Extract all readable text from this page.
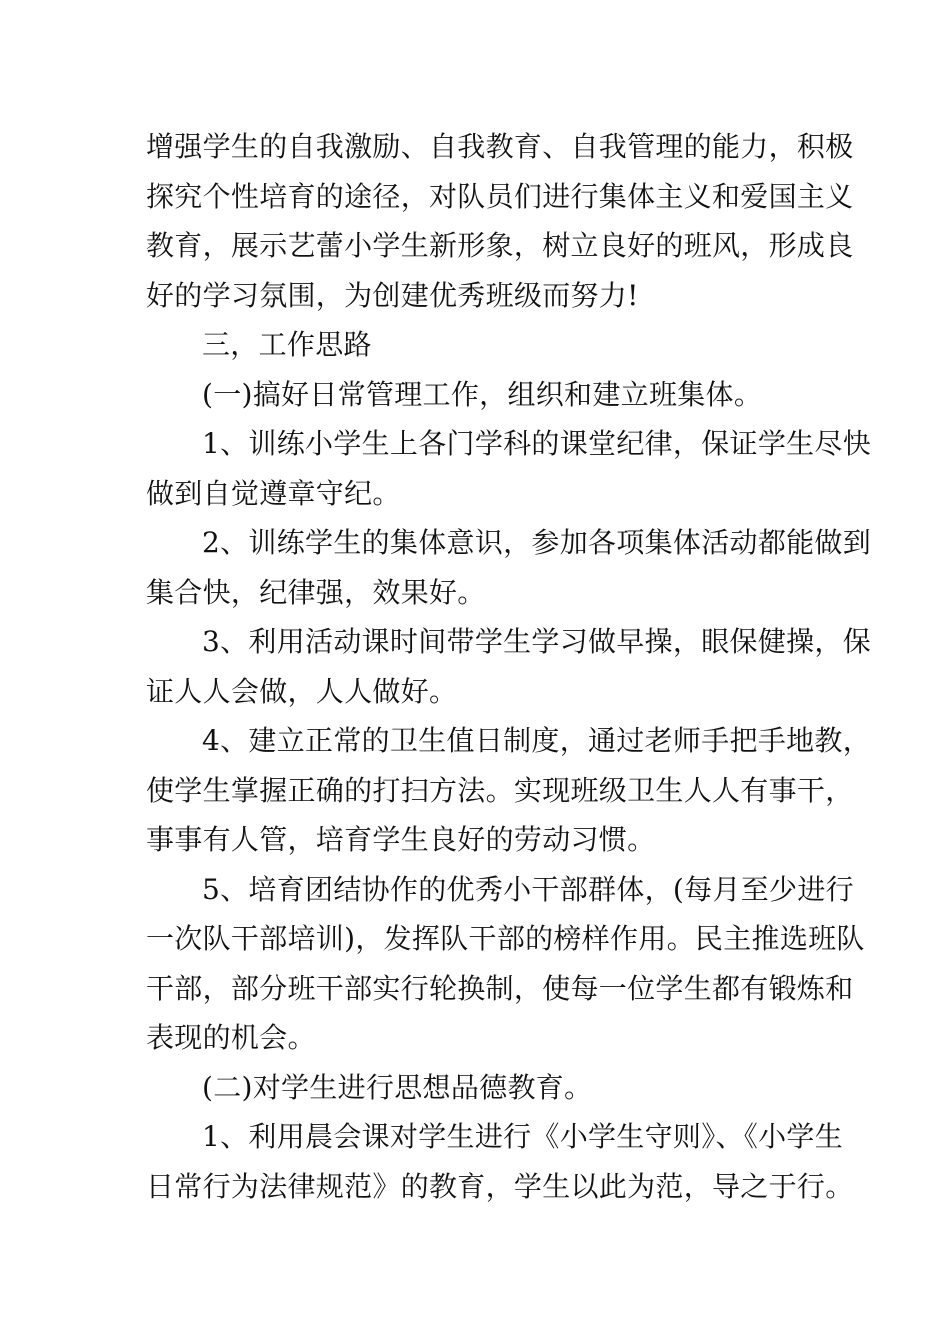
增强学生的自我激励、自我教育、自我管理的能力，积极
探究个性培育的途径，对队员们进行集体主义和爱国主义
教育，展示艺蕾小学生新形象，树立良好的班风，形成良
好的学习氛围，为创建优秀班级而努力!
三，工作思路
(一)搞好日常管理工作，组织和建立班集体。
1、训练小学生上各门学科的课堂纪律，保证学生尽快
做到自觉遵章守纪。
2、训练学生的集体意识，参加各项集体活动都能做到
集合快，纪律强，效果好。
3、利用活动课时间带学生学习做早操，眼保健操，保
证人人会做，人人做好。
4、建立正常的卫生值日制度，通过老师手把手地教，
使学生掌握正确的打扫方法。实现班级卫生人人有事干，
事事有人管，培育学生良好的劳动习惯。
5、培育团结协作的优秀小干部群体，(每月至少进行
一次队干部培训)，发挥队干部的榜样作用。民主推选班队
干部，部分班干部实行轮换制，使每一位学生都有锻炼和
表现的机会。
(二)对学生进行思想品德教育。
1、利用晨会课对学生进行《小学生守则》、《小学生
日常行为法律规范》的教育，学生以此为范，导之于行。
